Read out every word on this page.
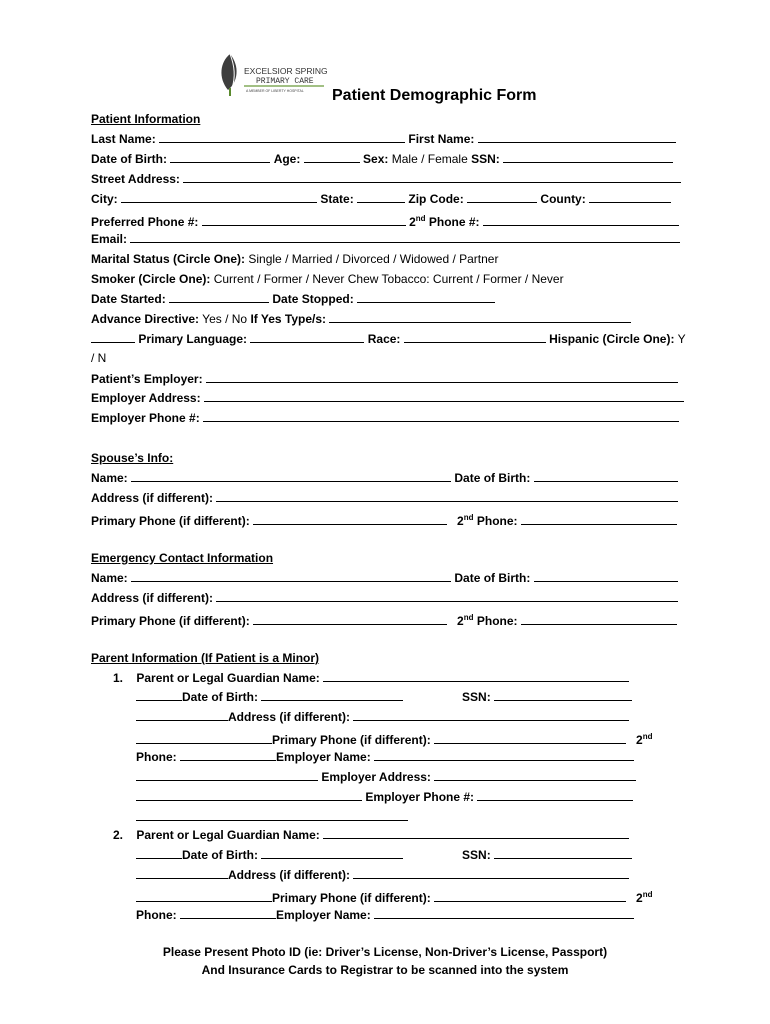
EXCELSIOR SPRINGS
PRIMARY CARE
A MEMBER OF LIBERTY HOSPITAL Patient Demographic Form
Patient Information
Last Name:	First Name:
Date of Birth:	Age:	Sex: Male / Female SSN:
Street Address:
City:	State:	Zip Code:	County:
Preferred Phone #:	2nd Phone #:
Email:
Marital Status (Circle One): Single / Married / Divorced / Widowed / Partner
Smoker (Circle One): Current / Former / Never Chew Tobacco: Current / Former / Never
Date Started:	Date Stopped:
Advance Directive: Yes / No If Yes Type/s:
Primary Language:	Race:	Hispanic (Circle One): Y
/ N
Patient’s Employer:
Employer Address:
Employer Phone #:
Spouse’s Info:
Name:	Date of Birth:
Address (if different):
Primary Phone (if different):	2nd Phone:
Emergency Contact Information
Name:	Date of Birth:
Address (if different):
Primary Phone (if different):	2nd Phone:
Parent Information (If Patient is a Minor)
1. Parent or Legal Guardian Name:
Date of Birth:	SSN:
Address (if different):
Primary Phone (if different):	2nd
Phone:	Employer Name:
Employer Address:
Employer Phone #:
2. Parent or Legal Guardian Name:
Date of Birth:	SSN:
Address (if different):
Primary Phone (if different):	2nd
Phone:	Employer Name:
Please Present Photo ID (ie: Driver’s License, Non-Driver’s License, Passport)
And Insurance Cards to Registrar to be scanned into the system
